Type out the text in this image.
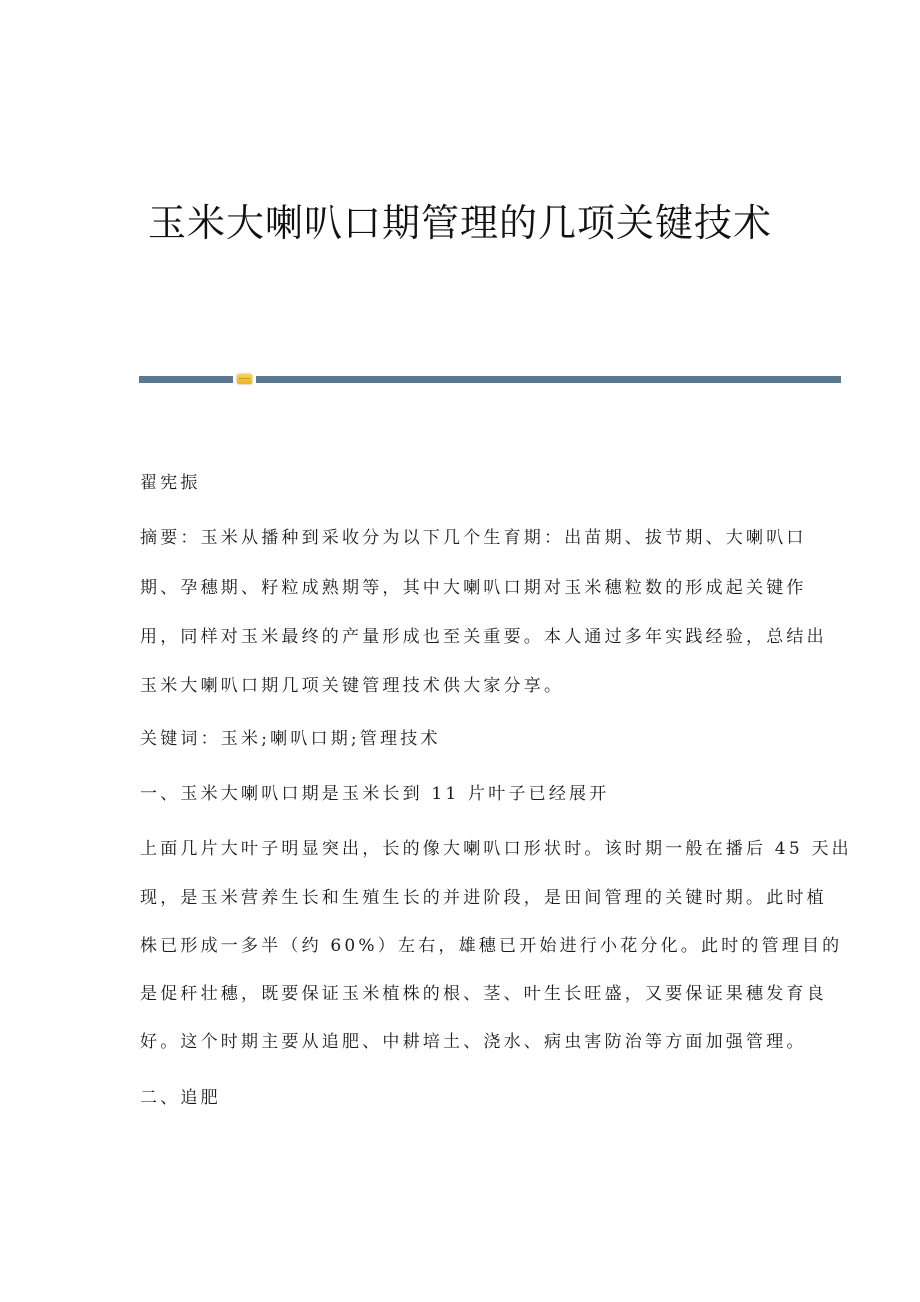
玉米大喇叭口期管理的几项关键技术
翟宪振
摘要：玉米从播种到采收分为以下几个生育期：出苗期、拔节期、大喇叭口
期、孕穗期、籽粒成熟期等，其中大喇叭口期对玉米穗粒数的形成起关键作
用，同样对玉米最终的产量形成也至关重要。本人通过多年实践经验，总结出
玉米大喇叭口期几项关键管理技术供大家分享。
关键词：玉米;喇叭口期;管理技术
一、玉米大喇叭口期是玉米长到 11 片叶子已经展开
上面几片大叶子明显突出，长的像大喇叭口形状时。该时期一般在播后 45 天出
现，是玉米营养生长和生殖生长的并进阶段，是田间管理的关键时期。此时植
株已形成一多半（约 60%）左右，雄穗已开始进行小花分化。此时的管理目的
是促秆壮穗，既要保证玉米植株的根、茎、叶生长旺盛，又要保证果穗发育良
好。这个时期主要从追肥、中耕培土、浇水、病虫害防治等方面加强管理。
二、追肥
